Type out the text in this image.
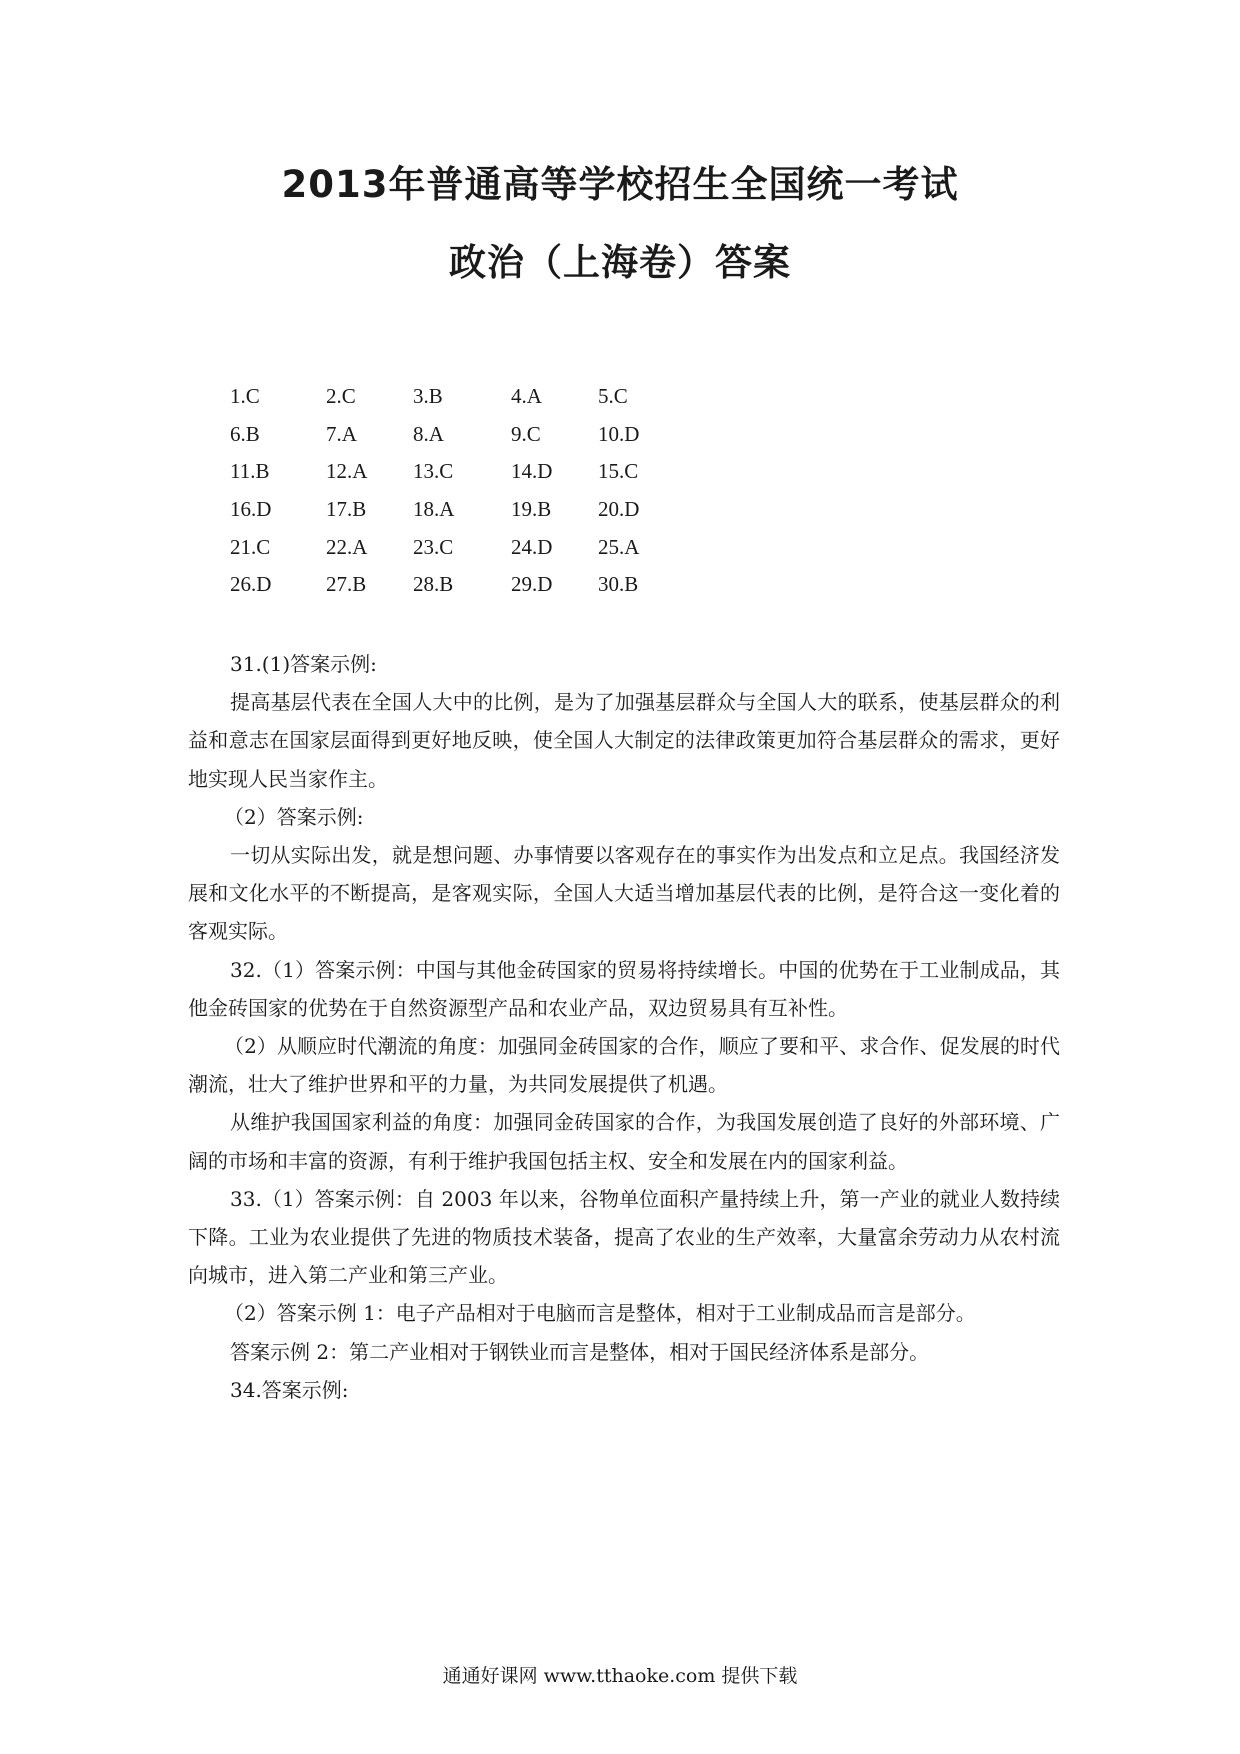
2013年普通高等学校招生全国统一考试
政治（上海卷）答案
1.C	2.C	3.B	4.A	5.C
6.B	7.A	8.A	9.C	10.D
11.B	12.A	13.C	14.D	15.C
16.D	17.B	18.A	19.B	20.D
21.C	22.A	23.C	24.D	25.A
26.D	27.B	28.B	29.D	30.B

31.(1)答案示例:

提高基层代表在全国人大中的比例，是为了加强基层群众与全国人大的联系，使基层群众的利益和意志在国家层面得到更好地反映，使全国人大制定的法律政策更加符合基层群众的需求，更好地实现人民当家作主。

（2）答案示例:

一切从实际出发，就是想问题、办事情要以客观存在的事实作为出发点和立足点。我国经济发展和文化水平的不断提高，是客观实际，全国人大适当增加基层代表的比例，是符合这一变化着的客观实际。

32.（1）答案示例：中国与其他金砖国家的贸易将持续增长。中国的优势在于工业制成品，其他金砖国家的优势在于自然资源型产品和农业产品，双边贸易具有互补性。

（2）从顺应时代潮流的角度：加强同金砖国家的合作，顺应了要和平、求合作、促发展的时代潮流，壮大了维护世界和平的力量，为共同发展提供了机遇。

从维护我国国家利益的角度：加强同金砖国家的合作，为我国发展创造了良好的外部环境、广阔的市场和丰富的资源，有利于维护我国包括主权、安全和发展在内的国家利益。

33.（1）答案示例：自 2003 年以来，谷物单位面积产量持续上升，第一产业的就业人数持续下降。工业为农业提供了先进的物质技术装备，提高了农业的生产效率，大量富余劳动力从农村流向城市，进入第二产业和第三产业。

（2）答案示例 1：电子产品相对于电脑而言是整体，相对于工业制成品而言是部分。

答案示例 2：第二产业相对于钢铁业而言是整体，相对于国民经济体系是部分。

34.答案示例:

通通好课网 www.tthaoke.com 提供下载
